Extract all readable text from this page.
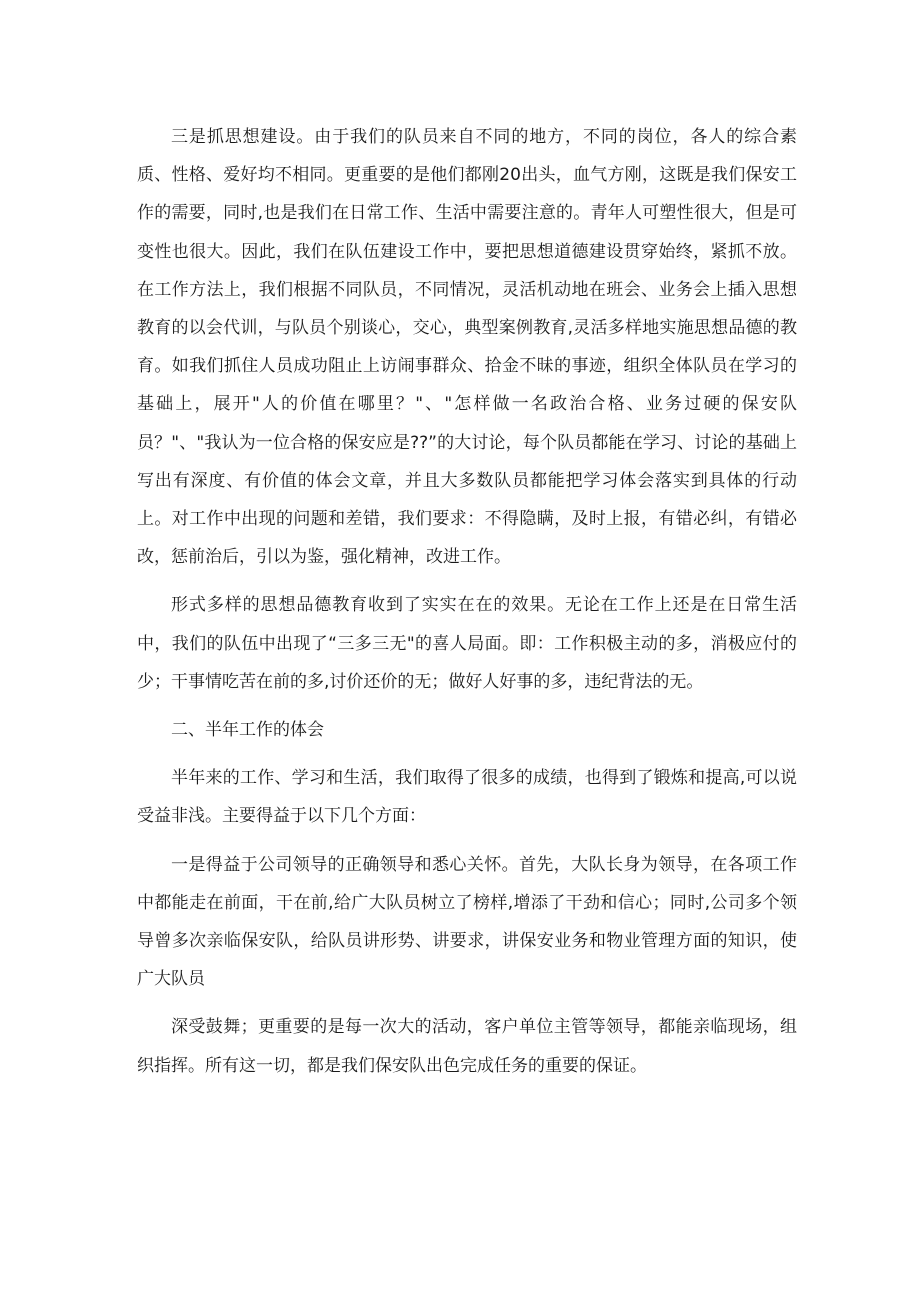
三是抓思想建设。由于我们的队员来自不同的地方，不同的岗位，各人的综合素质、性格、爱好均不相同。更重要的是他们都刚20出头，血气方刚，这既是我们保安工作的需要，同时,也是我们在日常工作、生活中需要注意的。青年人可塑性很大，但是可变性也很大。因此，我们在队伍建设工作中，要把思想道德建设贯穿始终，紧抓不放。在工作方法上，我们根据不同队员，不同情况，灵活机动地在班会、业务会上插入思想教育的以会代训，与队员个别谈心，交心，典型案例教育,灵活多样地实施思想品德的教育。如我们抓住人员成功阻止上访闹事群众、拾金不昧的事迹，组织全体队员在学习的基础上，展开"人的价值在哪里？"、"怎样做一名政治合格、业务过硬的保安队员？"、"我认为一位合格的保安应是??”的大讨论，每个队员都能在学习、讨论的基础上写出有深度、有价值的体会文章，并且大多数队员都能把学习体会落实到具体的行动上。对工作中出现的问题和差错，我们要求：不得隐瞒，及时上报，有错必纠，有错必改，惩前治后，引以为鉴，强化精神，改进工作。

形式多样的思想品德教育收到了实实在在的效果。无论在工作上还是在日常生活中，我们的队伍中出现了“三多三无"的喜人局面。即：工作积极主动的多，消极应付的少；干事情吃苦在前的多,讨价还价的无；做好人好事的多，违纪背法的无。

二、半年工作的体会

半年来的工作、学习和生活，我们取得了很多的成绩，也得到了锻炼和提高,可以说受益非浅。主要得益于以下几个方面：

一是得益于公司领导的正确领导和悉心关怀。首先，大队长身为领导，在各项工作中都能走在前面，干在前,给广大队员树立了榜样,增添了干劲和信心；同时,公司多个领导曾多次亲临保安队，给队员讲形势、讲要求，讲保安业务和物业管理方面的知识，使广大队员

深受鼓舞；更重要的是每一次大的活动，客户单位主管等领导，都能亲临现场，组织指挥。所有这一切，都是我们保安队出色完成任务的重要的保证。
